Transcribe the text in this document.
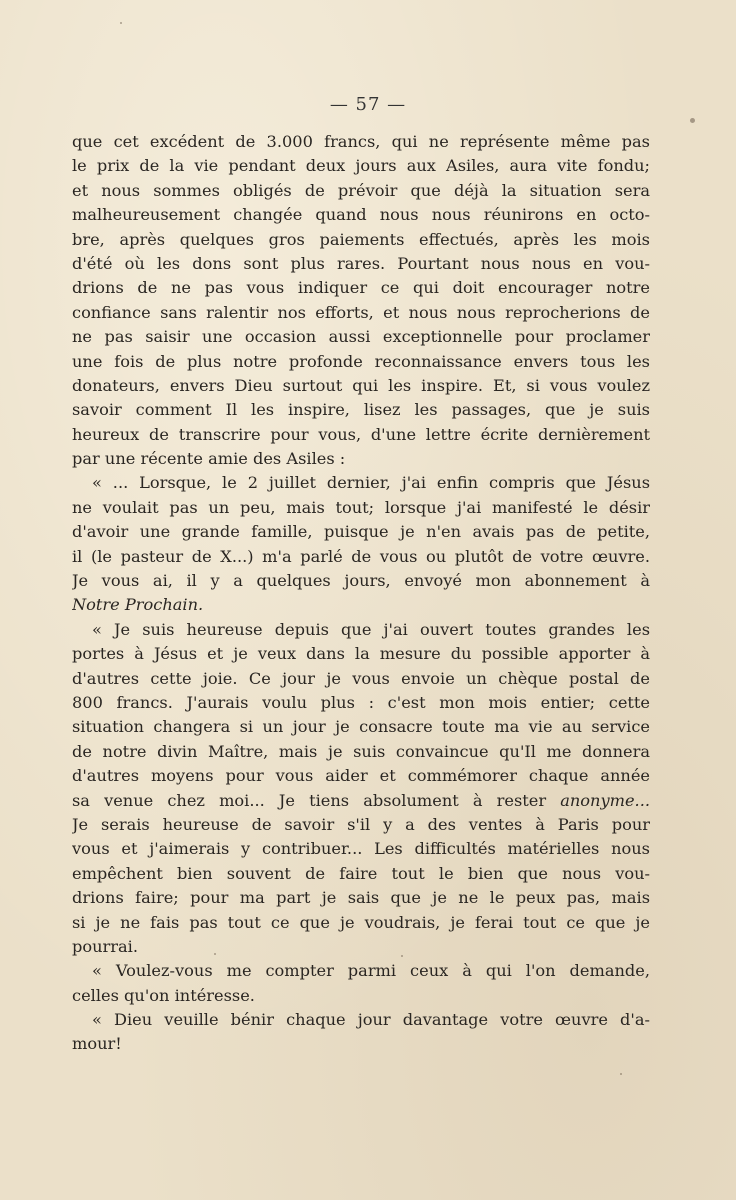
— 57 —
que cet excédent de 3.000 francs, qui ne représente même pas
le prix de la vie pendant deux jours aux Asiles, aura vite fondu;
et nous sommes obligés de prévoir que déjà la situation sera
malheureusement changée quand nous nous réunirons en octo-
bre, après quelques gros paiements effectués, après les mois
d'été où les dons sont plus rares. Pourtant nous nous en vou-
drions de ne pas vous indiquer ce qui doit encourager notre
confiance sans ralentir nos efforts, et nous nous reprocherions de
ne pas saisir une occasion aussi exceptionnelle pour proclamer
une fois de plus notre profonde reconnaissance envers tous les
donateurs, envers Dieu surtout qui les inspire. Et, si vous voulez
savoir comment Il les inspire, lisez les passages, que je suis
heureux de transcrire pour vous, d'une lettre écrite dernièrement
par une récente amie des Asiles :
« ... Lorsque, le 2 juillet dernier, j'ai enfin compris que Jésus
ne voulait pas un peu, mais tout; lorsque j'ai manifesté le désir
d'avoir une grande famille, puisque je n'en avais pas de petite,
il (le pasteur de X...) m'a parlé de vous ou plutôt de votre œuvre.
Je vous ai, il y a quelques jours, envoyé mon abonnement à
Notre Prochain.
« Je suis heureuse depuis que j'ai ouvert toutes grandes les
portes à Jésus et je veux dans la mesure du possible apporter à
d'autres cette joie. Ce jour je vous envoie un chèque postal de
800 francs. J'aurais voulu plus : c'est mon mois entier; cette
situation changera si un jour je consacre toute ma vie au service
de notre divin Maître, mais je suis convaincue qu'Il me donnera
d'autres moyens pour vous aider et commémorer chaque année
sa venue chez moi... Je tiens absolument à rester anonyme...
Je serais heureuse de savoir s'il y a des ventes à Paris pour
vous et j'aimerais y contribuer... Les difficultés matérielles nous
empêchent bien souvent de faire tout le bien que nous vou-
drions faire; pour ma part je sais que je ne le peux pas, mais
si je ne fais pas tout ce que je voudrais, je ferai tout ce que je
pourrai.
« Voulez-vous me compter parmi ceux à qui l'on demande,
celles qu'on intéresse.
« Dieu veuille bénir chaque jour davantage votre œuvre d'a-
mour!
